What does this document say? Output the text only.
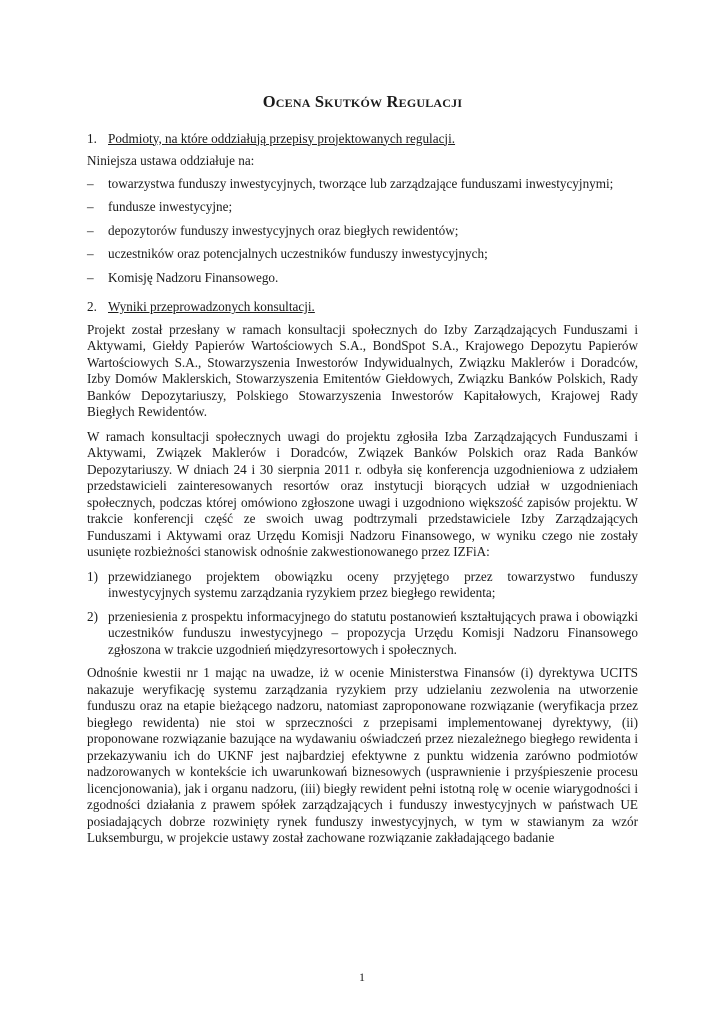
Ocena Skutków Regulacji
1. Podmioty, na które oddziałują przepisy projektowanych regulacji.
Niniejsza ustawa oddziałuje na:
–	towarzystwa funduszy inwestycyjnych, tworzące lub zarządzające funduszami inwestycyjnymi;
–	fundusze inwestycyjne;
–	depozytorów funduszy inwestycyjnych oraz biegłych rewidentów;
–	uczestników oraz potencjalnych uczestników funduszy inwestycyjnych;
–	Komisję Nadzoru Finansowego.
2. Wyniki przeprowadzonych konsultacji.

Projekt został przesłany w ramach konsultacji społecznych do Izby Zarządzających Funduszami i Aktywami, Giełdy Papierów Wartościowych S.A., BondSpot S.A., Krajowego Depozytu Papierów Wartościowych S.A., Stowarzyszenia Inwestorów Indywidualnych, Związku Maklerów i Doradców, Izby Domów Maklerskich, Stowarzyszenia Emitentów Giełdowych, Związku Banków Polskich, Rady Banków Depozytariuszy, Polskiego Stowarzyszenia Inwestorów Kapitałowych, Krajowej Rady Biegłych Rewidentów.

W ramach konsultacji społecznych uwagi do projektu zgłosiła Izba Zarządzających Funduszami i Aktywami, Związek Maklerów i Doradców, Związek Banków Polskich oraz Rada Banków Depozytariuszy. W dniach 24 i 30 sierpnia 2011 r. odbyła się konferencja uzgodnieniowa z udziałem przedstawicieli zainteresowanych resortów oraz instytucji biorących udział w uzgodnieniach społecznych, podczas której omówiono zgłoszone uwagi i uzgodniono większość zapisów projektu. W trakcie konferencji część ze swoich uwag podtrzymali przedstawiciele Izby Zarządzających Funduszami i Aktywami oraz Urzędu Komisji Nadzoru Finansowego, w wyniku czego nie zostały usunięte rozbieżności stanowisk odnośnie zakwestionowanego przez IZFiA:

1) przewidzianego projektem obowiązku oceny przyjętego przez towarzystwo funduszy inwestycyjnych systemu zarządzania ryzykiem przez biegłego rewidenta;
2) przeniesienia z prospektu informacyjnego do statutu postanowień kształtujących prawa i obowiązki uczestników funduszu inwestycyjnego – propozycja Urzędu Komisji Nadzoru Finansowego zgłoszona w trakcie uzgodnień międzyresortowych i społecznych.

Odnośnie kwestii nr 1 mając na uwadze, iż w ocenie Ministerstwa Finansów (i) dyrektywa UCITS nakazuje weryfikację systemu zarządzania ryzykiem przy udzielaniu zezwolenia na utworzenie funduszu oraz na etapie bieżącego nadzoru, natomiast zaproponowane rozwiązanie (weryfikacja przez biegłego rewidenta) nie stoi w sprzeczności z przepisami implementowanej dyrektywy, (ii) proponowane rozwiązanie bazujące na wydawaniu oświadczeń przez niezależnego biegłego rewidenta i przekazywaniu ich do UKNF jest najbardziej efektywne z punktu widzenia zarówno podmiotów nadzorowanych w kontekście ich uwarunkowań biznesowych (usprawnienie i przyśpieszenie procesu licencjonowania), jak i organu nadzoru, (iii) biegły rewident pełni istotną rolę w ocenie wiarygodności i zgodności działania z prawem spółek zarządzających i funduszy inwestycyjnych w państwach UE posiadających dobrze rozwinięty rynek funduszy inwestycyjnych, w tym w stawianym za wzór Luksemburgu, w projekcie ustawy został zachowane rozwiązanie zakładającego badanie

1
